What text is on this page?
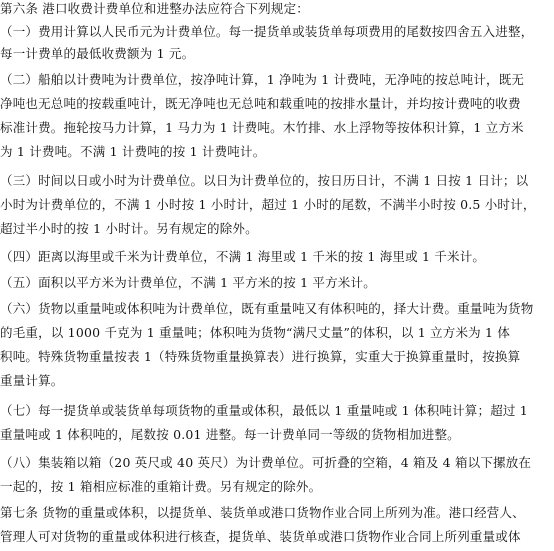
第六条 港口收费计费单位和进整办法应符合下列规定：
（一）费用计算以人民币元为计费单位。每一提货单或装货单每项费用的尾数按四舍五入进整，
每一计费单的最低收费额为 1 元。
（二）船舶以计费吨为计费单位，按净吨计算，1 净吨为 1 计费吨，无净吨的按总吨计，既无
净吨也无总吨的按载重吨计，既无净吨也无总吨和载重吨的按排水量计，并均按计费吨的收费
标准计费。拖轮按马力计算，1 马力为 1 计费吨。木竹排、水上浮物等按体积计算，1 立方米
为 1 计费吨。不满 1 计费吨的按 1 计费吨计。
（三）时间以日或小时为计费单位。以日为计费单位的，按日历日计，不满 1 日按 1 日计；以
小时为计费单位的，不满 1 小时按 1 小时计，超过 1 小时的尾数，不满半小时按 0.5 小时计，
超过半小时的按 1 小时计。另有规定的除外。
（四）距离以海里或千米为计费单位，不满 1 海里或 1 千米的按 1 海里或 1 千米计。
（五）面积以平方米为计费单位，不满 1 平方米的按 1 平方米计。
（六）货物以重量吨或体积吨为计费单位，既有重量吨又有体积吨的，择大计费。重量吨为货物
的毛重，以 1000 千克为 1 重量吨；体积吨为货物“满尺丈量”的体积，以 1 立方米为 1 体
积吨。特殊货物重量按表 1（特殊货物重量换算表）进行换算，实重大于换算重量时，按换算
重量计算。
（七）每一提货单或装货单每项货物的重量或体积，最低以 1 重量吨或 1 体积吨计算；超过 1
重量吨或 1 体积吨的，尾数按 0.01 进整。每一计费单同一等级的货物相加进整。
（八）集装箱以箱（20 英尺或 40 英尺）为计费单位。可折叠的空箱，4 箱及 4 箱以下摞放在
一起的，按 1 箱相应标准的重箱计费。另有规定的除外。
第七条 货物的重量或体积，以提货单、装货单或港口货物作业合同上所列为准。港口经营人、
管理人可对货物的重量或体积进行核查，提货单、装货单或港口货物作业合同上所列重量或体
